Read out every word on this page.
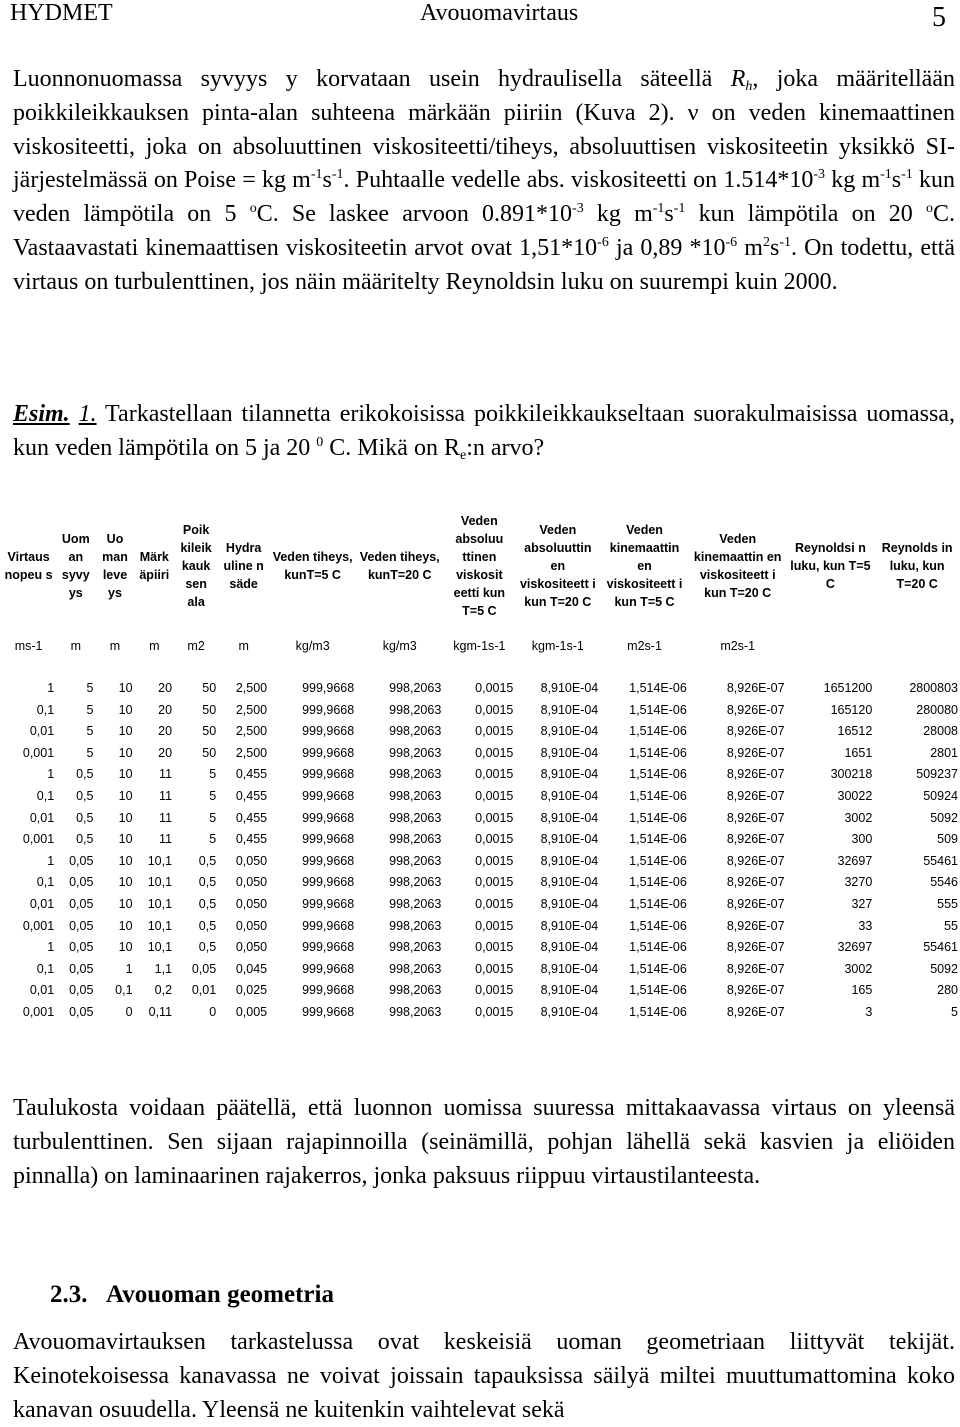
HYDMET	Avouomavirtaus	5
Luonnonuomassa syvyys y korvataan usein hydraulisella säteellä $R_h$, joka määritellään poikkileikkauksen pinta-alan suhteena märkään piiriin (Kuva 2). ν on veden kinemaattinen viskositeetti, joka on absoluuttinen viskositeetti/tiheys, absoluuttisen viskositeetin yksikkö SI-järjestelmässä on Poise = kg $m^{-1}s^{-1}$. Puhtaalle vedelle abs. viskositeetti on $1.514*10^{-3}$ kg $m^{-1}s^{-1}$ kun veden lämpötila on 5 $^o$C. Se laskee arvoon $0.891*10^{-3}$ kg $m^{-1}s^{-1}$ kun lämpötila on 20 $^o$C. Vastaavastati kinemaattisen viskositeetin arvot ovat $1,51*10^{-6}$ ja 0,89 $*10^{-6}$ $m^2s^{-1}$. On todettu, että virtaus on turbulenttinen, jos näin määritelty Reynoldsin luku on suurempi kuin 2000.
Esim. 1. Tarkastellaan tilannetta erikokoisissa poikkileikkaukseltaan suorakulmaisissa uomassa, kun veden lämpötila on 5 ja 20 $^0$ C. Mikä on $R_e:n$ arvo?
Virtaus nopeu s	Uom an syvy ys	Uo man leve ys	Märk äpiiri	Poik kileik kauk sen ala	Hydra uline n säde	Veden tiheys, kunT=5 C	Veden tiheys, kunT=20 C	Veden absoluu ttinen viskosit eetti kun T=5 C	Veden absoluuttin en viskositeett i kun T=20 C	Veden kinemaattin en viskositeett i kun T=5 C	Veden kinemaattin en viskositeett i kun T=20 C	Reynoldsi n luku, kun T=5 C	Reynolds in luku, kun T=20 C
ms-1	m	m	m	m2	m	kg/m3	kg/m3	kgm-1s-1	kgm-1s-1	m2s-1	m2s-1		

1	5	10	20	50	2,500	999,9668	998,2063	0,0015	8,910E-04	1,514E-06	8,926E-07	1651200	2800803
0,1	5	10	20	50	2,500	999,9668	998,2063	0,0015	8,910E-04	1,514E-06	8,926E-07	165120	280080
0,01	5	10	20	50	2,500	999,9668	998,2063	0,0015	8,910E-04	1,514E-06	8,926E-07	16512	28008
0,001	5	10	20	50	2,500	999,9668	998,2063	0,0015	8,910E-04	1,514E-06	8,926E-07	1651	2801
1	0,5	10	11	5	0,455	999,9668	998,2063	0,0015	8,910E-04	1,514E-06	8,926E-07	300218	509237
0,1	0,5	10	11	5	0,455	999,9668	998,2063	0,0015	8,910E-04	1,514E-06	8,926E-07	30022	50924
0,01	0,5	10	11	5	0,455	999,9668	998,2063	0,0015	8,910E-04	1,514E-06	8,926E-07	3002	5092
0,001	0,5	10	11	5	0,455	999,9668	998,2063	0,0015	8,910E-04	1,514E-06	8,926E-07	300	509
1	0,05	10	10,1	0,5	0,050	999,9668	998,2063	0,0015	8,910E-04	1,514E-06	8,926E-07	32697	55461
0,1	0,05	10	10,1	0,5	0,050	999,9668	998,2063	0,0015	8,910E-04	1,514E-06	8,926E-07	3270	5546
0,01	0,05	10	10,1	0,5	0,050	999,9668	998,2063	0,0015	8,910E-04	1,514E-06	8,926E-07	327	555
0,001	0,05	10	10,1	0,5	0,050	999,9668	998,2063	0,0015	8,910E-04	1,514E-06	8,926E-07	33	55
1	0,05	10	10,1	0,5	0,050	999,9668	998,2063	0,0015	8,910E-04	1,514E-06	8,926E-07	32697	55461
0,1	0,05	1	1,1	0,05	0,045	999,9668	998,2063	0,0015	8,910E-04	1,514E-06	8,926E-07	3002	5092
0,01	0,05	0,1	0,2	0,01	0,025	999,9668	998,2063	0,0015	8,910E-04	1,514E-06	8,926E-07	165	280
0,001	0,05	0	0,11	0	0,005	999,9668	998,2063	0,0015	8,910E-04	1,514E-06	8,926E-07	3	5
Taulukosta voidaan päätellä, että luonnon uomissa suuressa mittakaavassa virtaus on yleensä turbulenttinen. Sen sijaan rajapinnoilla (seinämillä, pohjan lähellä sekä kasvien ja eliöiden pinnalla) on laminaarinen rajakerros, jonka paksuus riippuu virtaustilanteesta.
2.3. Avouoman geometria
Avouomavirtauksen tarkastelussa ovat keskeisiä uoman geometriaan liittyvät tekijät. Keinotekoisessa kanavassa ne voivat joissain tapauksissa säilyä miltei muuttumattomina koko kanavan osuudella. Yleensä ne kuitenkin vaihtelevat sekä
